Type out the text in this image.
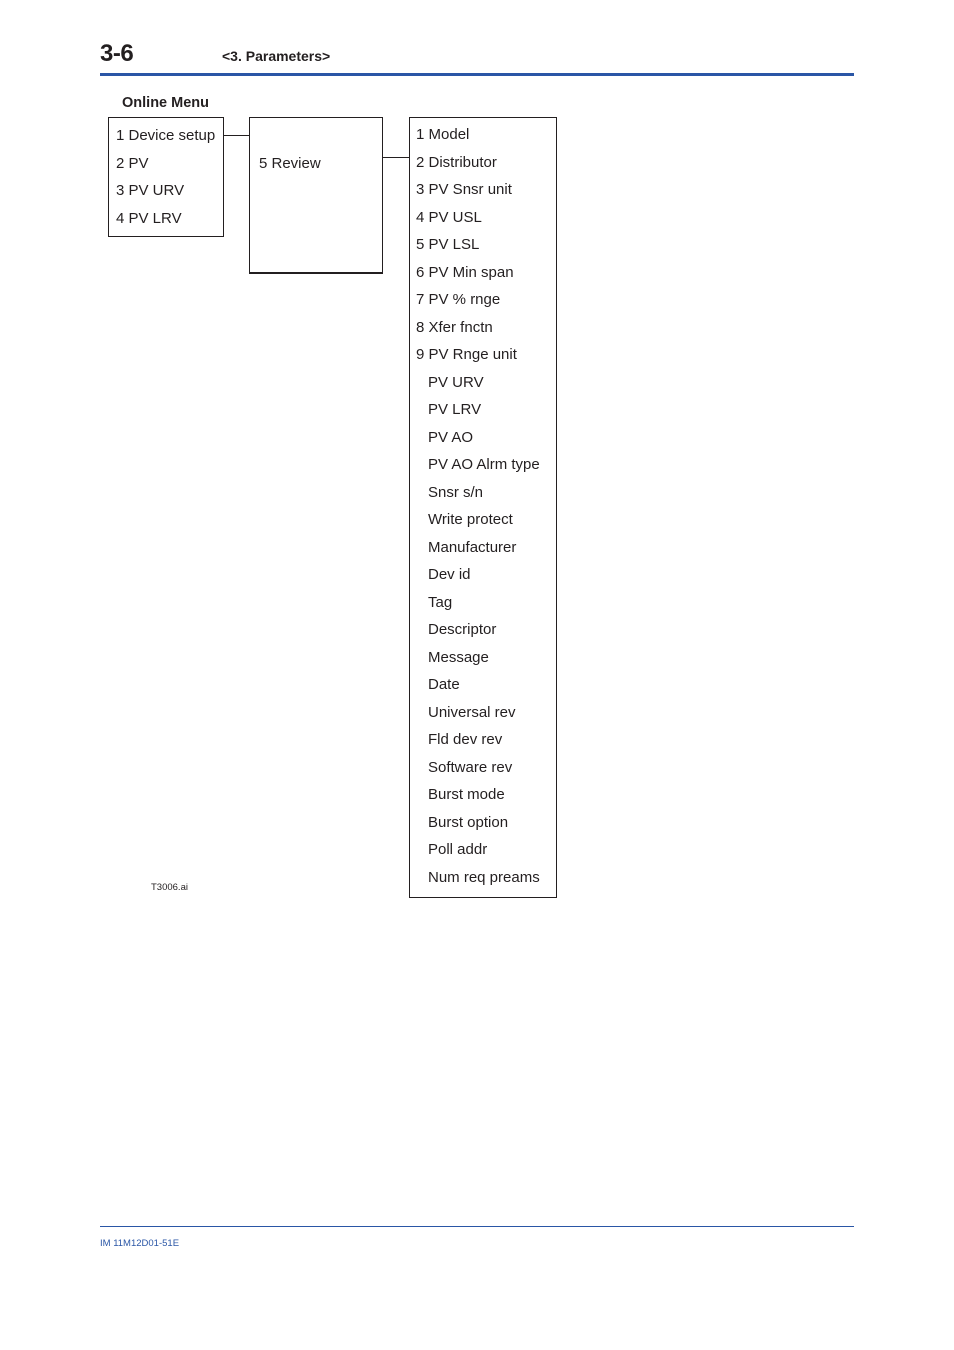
3-6	<3. Parameters>
Online Menu
1 Device setup
2 PV
3 PV URV
4 PV LRV
5 Review
1 Model
2 Distributor
3 PV Snsr unit
4 PV USL
5 PV LSL
6 PV Min span
7 PV % rnge
8 Xfer fnctn
9 PV Rnge unit
PV URV
PV LRV
PV AO
PV AO Alrm type
Snsr s/n
Write protect
Manufacturer
Dev id
Tag
Descriptor
Message
Date
Universal rev
Fld dev rev
Software rev
Burst mode
Burst option
Poll addr
Num req preams
T3006.ai
IM 11M12D01-51E
